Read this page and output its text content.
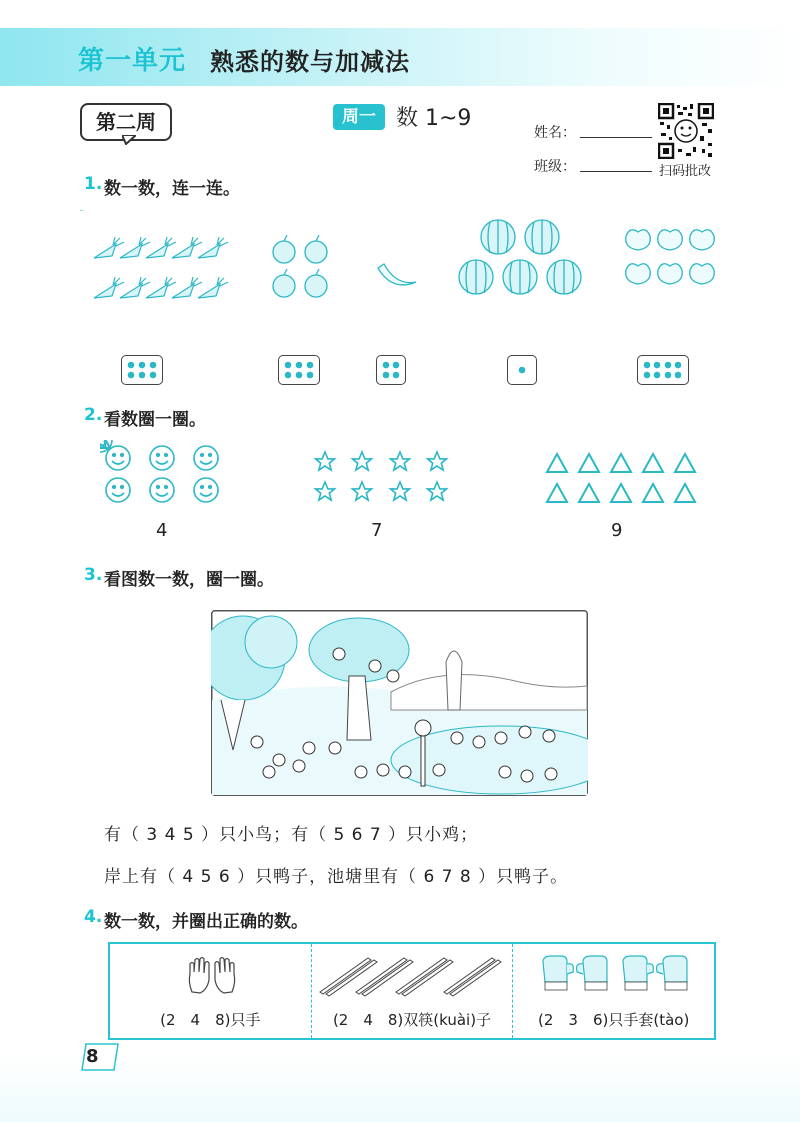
第一单元 熟悉的数与加减法
第二周	周一 数 1~9
姓名：
班级：	扫码批改
1. 数一数，连一连。
2. 看数圈一圈。
4	7	9
3. 看图数一数，圈一圈。
有（ 3 4 5 ）只小鸟；有（ 5 6 7 ）只小鸡；
岸上有（ 4 5 6 ）只鸭子，池塘里有（ 6 7 8 ）只鸭子。
4. 数一数，并圈出正确的数。
(2　4　8)只手	(2　4　8)双筷(kuài)子	(2　3　6)只手套(tào)
8
